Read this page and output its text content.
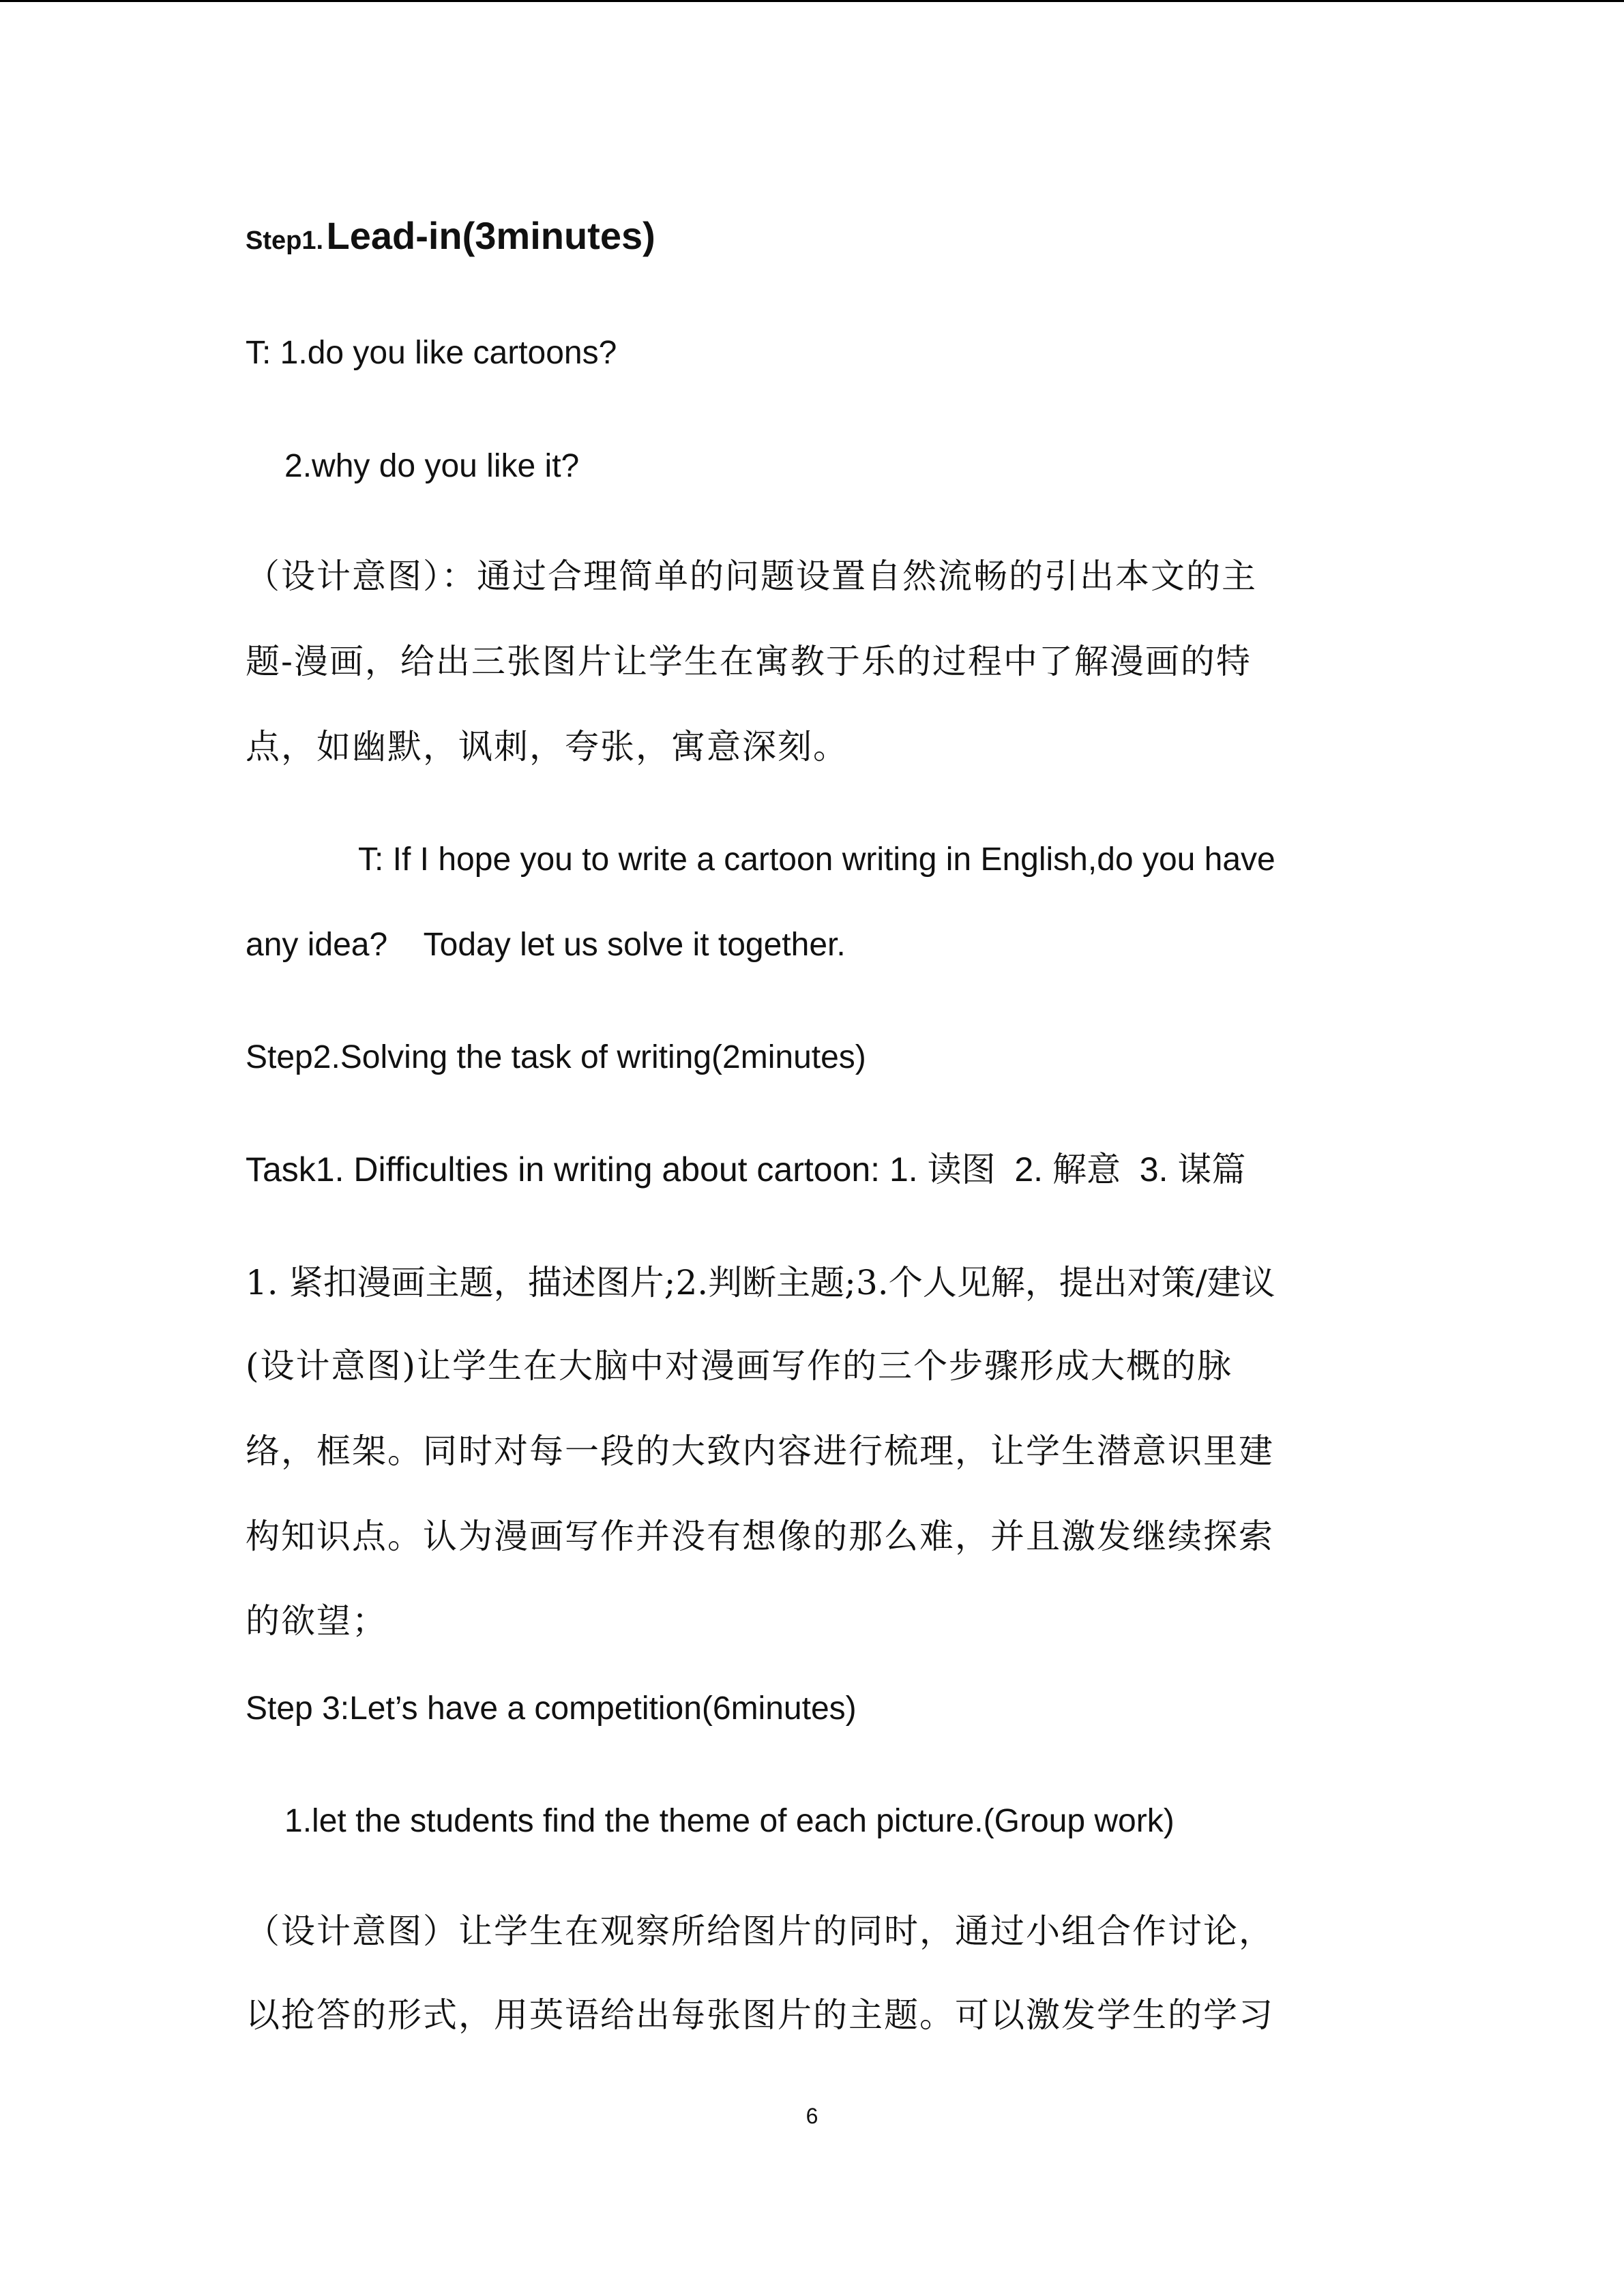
Step1. Lead-in(3minutes)
T: 1.do you like cartoons?
2.why do you like it?
（设计意图）：通过合理简单的问题设置自然流畅的引出本文的主
题-漫画，给出三张图片让学生在寓教于乐的过程中了解漫画的特
点，如幽默，讽刺，夸张，寓意深刻。
T: If I hope you to write a cartoon writing in English,do you have
any idea?    Today let us solve it together.
Step2.Solving the task of writing(2minutes)
Task1. Difficulties in writing about cartoon: 1. 读图 2. 解意 3. 谋篇
1. 紧扣漫画主题，描述图片;2.判断主题;3.个人见解，提出对策/建议
(设计意图)让学生在大脑中对漫画写作的三个步骤形成大概的脉
络，框架。同时对每一段的大致内容进行梳理，让学生潜意识里建
构知识点。认为漫画写作并没有想像的那么难，并且激发继续探索
的欲望；
Step 3:Let’s have a competition(6minutes)
1.let the students find the theme of each picture.(Group work)
（设计意图）让学生在观察所给图片的同时，通过小组合作讨论，
以抢答的形式，用英语给出每张图片的主题。可以激发学生的学习
6
